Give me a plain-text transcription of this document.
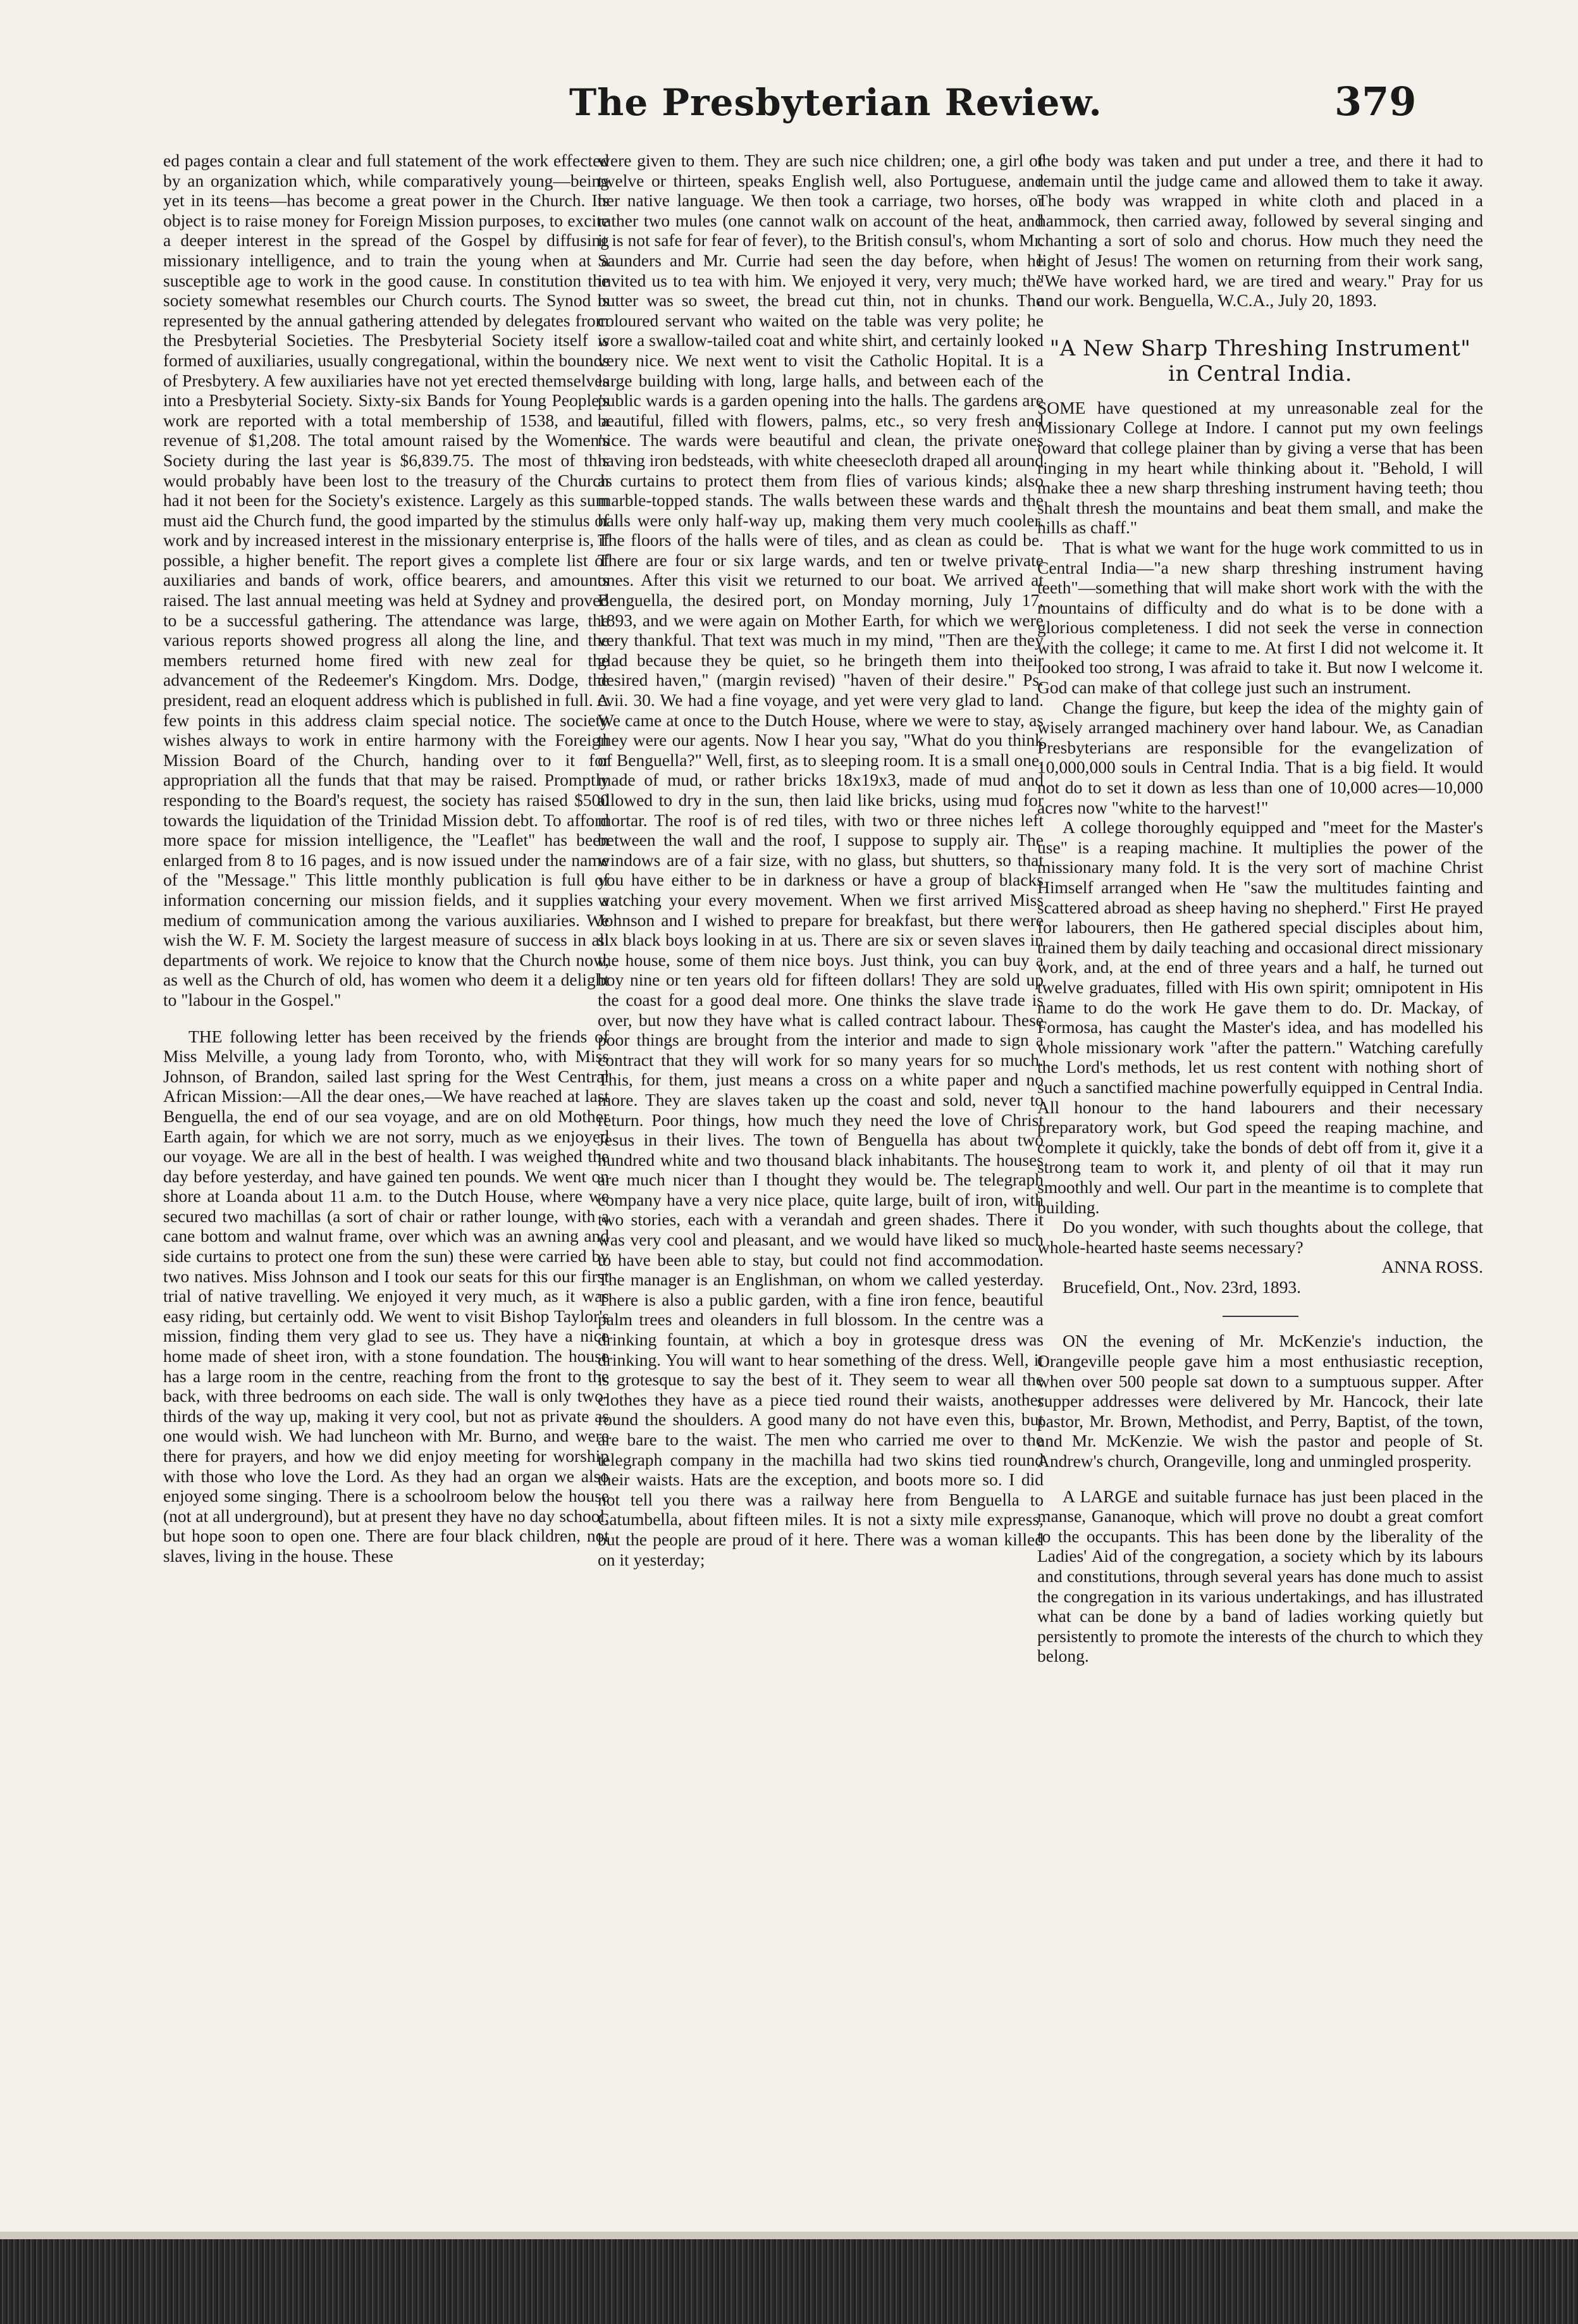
The Presbyterian Review.	379

ed pages contain a clear and full statement of the work effected by an organization which, while comparatively young—being yet in its teens—has become a great power in the Church. Its object is to raise money for Foreign Mission purposes, to excite a deeper interest in the spread of the Gospel by diffusing missionary intelligence, and to train the young when at a susceptible age to work in the good cause. In constitution the society somewhat resembles our Church courts. The Synod is represented by the annual gathering attended by delegates from the Presbyterial Societies. The Presbyterial Society itself is formed of auxiliaries, usually congregational, within the bounds of Presbytery. A few auxiliaries have not yet erected themselves into a Presbyterial Society. Sixty-six Bands for Young People's work are reported with a total membership of 1538, and a revenue of $1,208. The total amount raised by the Women's Society during the last year is $6,839.75. The most of this would probably have been lost to the treasury of the Church had it not been for the Society's existence. Largely as this sum must aid the Church fund, the good imparted by the stimulus of work and by increased interest in the missionary enterprise is, if possible, a higher benefit. The report gives a complete list of auxiliaries and bands of work, office bearers, and amounts raised. The last annual meeting was held at Sydney and proved to be a successful gathering. The attendance was large, the various reports showed progress all along the line, and the members returned home fired with new zeal for the advancement of the Redeemer's Kingdom. Mrs. Dodge, the president, read an eloquent address which is published in full. A few points in this address claim special notice. The society wishes always to work in entire harmony with the Foreign Mission Board of the Church, handing over to it for appropriation all the funds that that may be raised. Promptly responding to the Board's request, the society has raised $500 towards the liquidation of the Trinidad Mission debt. To afford more space for mission intelligence, the "Leaflet" has been enlarged from 8 to 16 pages, and is now issued under the name of the "Message." This little monthly publication is full of information concerning our mission fields, and it supplies a medium of communication among the various auxiliaries. We wish the W. F. M. Society the largest measure of success in all departments of work. We rejoice to know that the Church now, as well as the Church of old, has women who deem it a delight to "labour in the Gospel."

THE following letter has been received by the friends of Miss Melville, a young lady from Toronto, who, with Miss Johnson, of Brandon, sailed last spring for the West Central African Mission:—All the dear ones,—We have reached at last Benguella, the end of our sea voyage, and are on old Mother Earth again, for which we are not sorry, much as we enjoyed our voyage. We are all in the best of health. I was weighed the day before yesterday, and have gained ten pounds. We went on shore at Loanda about 11 a.m. to the Dutch House, where we secured two machillas (a sort of chair or rather lounge, with a cane bottom and walnut frame, over which was an awning and side curtains to protect one from the sun) these were carried by two natives. Miss Johnson and I took our seats for this our first trial of native travelling. We enjoyed it very much, as it was easy riding, but certainly odd. We went to visit Bishop Taylor's mission, finding them very glad to see us. They have a nice home made of sheet iron, with a stone foundation. The house has a large room in the centre, reaching from the front to the back, with three bedrooms on each side. The wall is only two-thirds of the way up, making it very cool, but not as private as one would wish. We had luncheon with Mr. Burno, and were there for prayers, and how we did enjoy meeting for worship with those who love the Lord. As they had an organ we also enjoyed some singing. There is a schoolroom below the house (not at all underground), but at present they have no day school, but hope soon to open one. There are four black children, not slaves, living in the house. These

were given to them. They are such nice children; one, a girl of twelve or thirteen, speaks English well, also Portuguese, and her native language. We then took a carriage, two horses, or rather two mules (one cannot walk on account of the heat, and it is not safe for fear of fever), to the British consul's, whom Mr. Saunders and Mr. Currie had seen the day before, when he invited us to tea with him. We enjoyed it very, very much; the butter was so sweet, the bread cut thin, not in chunks. The coloured servant who waited on the table was very polite; he wore a swallow-tailed coat and white shirt, and certainly looked very nice. We next went to visit the Catholic Hopital. It is a large building with long, large halls, and between each of the public wards is a garden opening into the halls. The gardens are beautiful, filled with flowers, palms, etc., so very fresh and nice. The wards were beautiful and clean, the private ones having iron bedsteads, with white cheesecloth draped all around as curtains to protect them from flies of various kinds; also marble-topped stands. The walls between these wards and the halls were only half-way up, making them very much cooler. The floors of the halls were of tiles, and as clean as could be. There are four or six large wards, and ten or twelve private ones. After this visit we returned to our boat. We arrived at Benguella, the desired port, on Monday morning, July 17, 1893, and we were again on Mother Earth, for which we were very thankful. That text was much in my mind, "Then are they glad because they be quiet, so he bringeth them into their desired haven," (margin revised) "haven of their desire." Ps. cvii. 30. We had a fine voyage, and yet were very glad to land. We came at once to the Dutch House, where we were to stay, as they were our agents. Now I hear you say, "What do you think of Benguella?" Well, first, as to sleeping room. It is a small one, made of mud, or rather bricks 18x19x3, made of mud and allowed to dry in the sun, then laid like bricks, using mud for mortar. The roof is of red tiles, with two or three niches left between the wall and the roof, I suppose to supply air. The windows are of a fair size, with no glass, but shutters, so that you have either to be in darkness or have a group of blacks watching your every movement. When we first arrived Miss Johnson and I wished to prepare for breakfast, but there were six black boys looking in at us. There are six or seven slaves in the house, some of them nice boys. Just think, you can buy a boy nine or ten years old for fifteen dollars! They are sold up the coast for a good deal more. One thinks the slave trade is over, but now they have what is called contract labour. These poor things are brought from the interior and made to sign a contract that they will work for so many years for so much. This, for them, just means a cross on a white paper and no more. They are slaves taken up the coast and sold, never to return. Poor things, how much they need the love of Christ Jesus in their lives. The town of Benguella has about two hundred white and two thousand black inhabitants. The houses are much nicer than I thought they would be. The telegraph company have a very nice place, quite large, built of iron, with two stories, each with a verandah and green shades. There it was very cool and pleasant, and we would have liked so much to have been able to stay, but could not find accommodation. The manager is an Englishman, on whom we called yesterday. There is also a public garden, with a fine iron fence, beautiful palm trees and oleanders in full blossom. In the centre was a drinking fountain, at which a boy in grotesque dress was drinking. You will want to hear something of the dress. Well, it is grotesque to say the best of it. They seem to wear all the clothes they have as a piece tied round their waists, another round the shoulders. A good many do not have even this, but are bare to the waist. The men who carried me over to the telegraph company in the machilla had two skins tied round their waists. Hats are the exception, and boots more so. I did not tell you there was a railway here from Benguella to Catumbella, about fifteen miles. It is not a sixty mile express, but the people are proud of it here. There was a woman killed on it yesterday;

the body was taken and put under a tree, and there it had to remain until the judge came and allowed them to take it away. The body was wrapped in white cloth and placed in a hammock, then carried away, followed by several singing and chanting a sort of solo and chorus. How much they need the light of Jesus! The women on returning from their work sang, "We have worked hard, we are tired and weary." Pray for us and our work. Benguella, W.C.A., July 20, 1893.

"A New Sharp Threshing Instrument" in Central India.

SOME have questioned at my unreasonable zeal for the Missionary College at Indore. I cannot put my own feelings toward that college plainer than by giving a verse that has been ringing in my heart while thinking about it. "Behold, I will make thee a new sharp threshing instrument having teeth; thou shalt thresh the mountains and beat them small, and make the hills as chaff."

That is what we want for the huge work committed to us in Central India—"a new sharp threshing instrument having teeth"—something that will make short work with the with the mountains of difficulty and do what is to be done with a glorious completeness. I did not seek the verse in connection with the college; it came to me. At first I did not welcome it. It looked too strong, I was afraid to take it. But now I welcome it. God can make of that college just such an instrument.

Change the figure, but keep the idea of the mighty gain of wisely arranged machinery over hand labour. We, as Canadian Presbyterians are responsible for the evangelization of 10,000,000 souls in Central India. That is a big field. It would not do to set it down as less than one of 10,000 acres—10,000 acres now "white to the harvest!"

A college thoroughly equipped and "meet for the Master's use" is a reaping machine. It multiplies the power of the missionary many fold. It is the very sort of machine Christ Himself arranged when He "saw the multitudes fainting and scattered abroad as sheep having no shepherd." First He prayed for labourers, then He gathered special disciples about him, trained them by daily teaching and occasional direct missionary work, and, at the end of three years and a half, he turned out twelve graduates, filled with His own spirit; omnipotent in His name to do the work He gave them to do. Dr. Mackay, of Formosa, has caught the Master's idea, and has modelled his whole missionary work "after the pattern." Watching carefully the Lord's methods, let us rest content with nothing short of such a sanctified machine powerfully equipped in Central India. All honour to the hand labourers and their necessary preparatory work, but God speed the reaping machine, and complete it quickly, take the bonds of debt off from it, give it a strong team to work it, and plenty of oil that it may run smoothly and well. Our part in the meantime is to complete that building.

Do you wonder, with such thoughts about the college, that whole-hearted haste seems necessary?

ANNA ROSS.

Brucefield, Ont., Nov. 23rd, 1893.

ON the evening of Mr. McKenzie's induction, the Orangeville people gave him a most enthusiastic reception, when over 500 people sat down to a sumptuous supper. After supper addresses were delivered by Mr. Hancock, their late pastor, Mr. Brown, Methodist, and Perry, Baptist, of the town, and Mr. McKenzie. We wish the pastor and people of St. Andrew's church, Orangeville, long and unmingled prosperity.

A LARGE and suitable furnace has just been placed in the manse, Gananoque, which will prove no doubt a great comfort to the occupants. This has been done by the liberality of the Ladies' Aid of the congregation, a society which by its labours and constitutions, through several years has done much to assist the congregation in its various undertakings, and has illustrated what can be done by a band of ladies working quietly but persistently to promote the interests of the church to which they belong.
